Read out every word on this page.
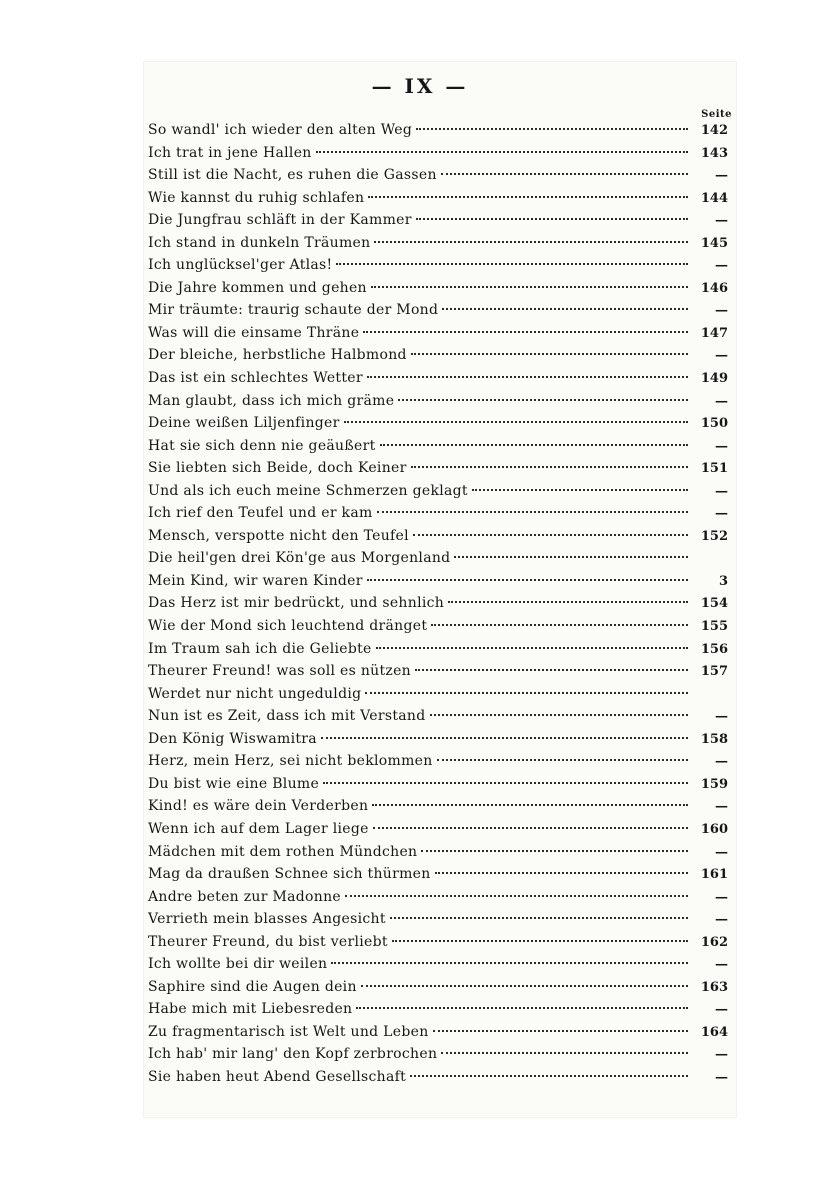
— IX —
Seite
So wandl' ich wieder den alten Weg	142
Ich trat in jene Hallen	143
Still ist die Nacht, es ruhen die Gassen	—
Wie kannst du ruhig schlafen	144
Die Jungfrau schläft in der Kammer	—
Ich stand in dunkeln Träumen	145
Ich unglücksel'ger Atlas!	—
Die Jahre kommen und gehen	146
Mir träumte: traurig schaute der Mond	—
Was will die einsame Thräne	147
Der bleiche, herbstliche Halbmond	—
Das ist ein schlechtes Wetter	149
Man glaubt, dass ich mich gräme	—
Deine weißen Liljenfinger	150
Hat sie sich denn nie geäußert	—
Sie liebten sich Beide, doch Keiner	151
Und als ich euch meine Schmerzen geklagt	—
Ich rief den Teufel und er kam	—
Mensch, verspotte nicht den Teufel	152
Die heil'gen drei Kön'ge aus Morgenland
Mein Kind, wir waren Kinder	3
Das Herz ist mir bedrückt, und sehnlich	154
Wie der Mond sich leuchtend dränget	155
Im Traum sah ich die Geliebte	156
Theurer Freund! was soll es nützen	157
Werdet nur nicht ungeduldig
Nun ist es Zeit, dass ich mit Verstand	—
Den König Wiswamitra	158
Herz, mein Herz, sei nicht beklommen	—
Du bist wie eine Blume	159
Kind! es wäre dein Verderben	—
Wenn ich auf dem Lager liege	160
Mädchen mit dem rothen Mündchen	—
Mag da draußen Schnee sich thürmen	161
Andre beten zur Madonne	—
Verrieth mein blasses Angesicht	—
Theurer Freund, du bist verliebt	162
Ich wollte bei dir weilen	—
Saphire sind die Augen dein	163
Habe mich mit Liebesreden	—
Zu fragmentarisch ist Welt und Leben	164
Ich hab' mir lang' den Kopf zerbrochen	—
Sie haben heut Abend Gesellschaft	—
